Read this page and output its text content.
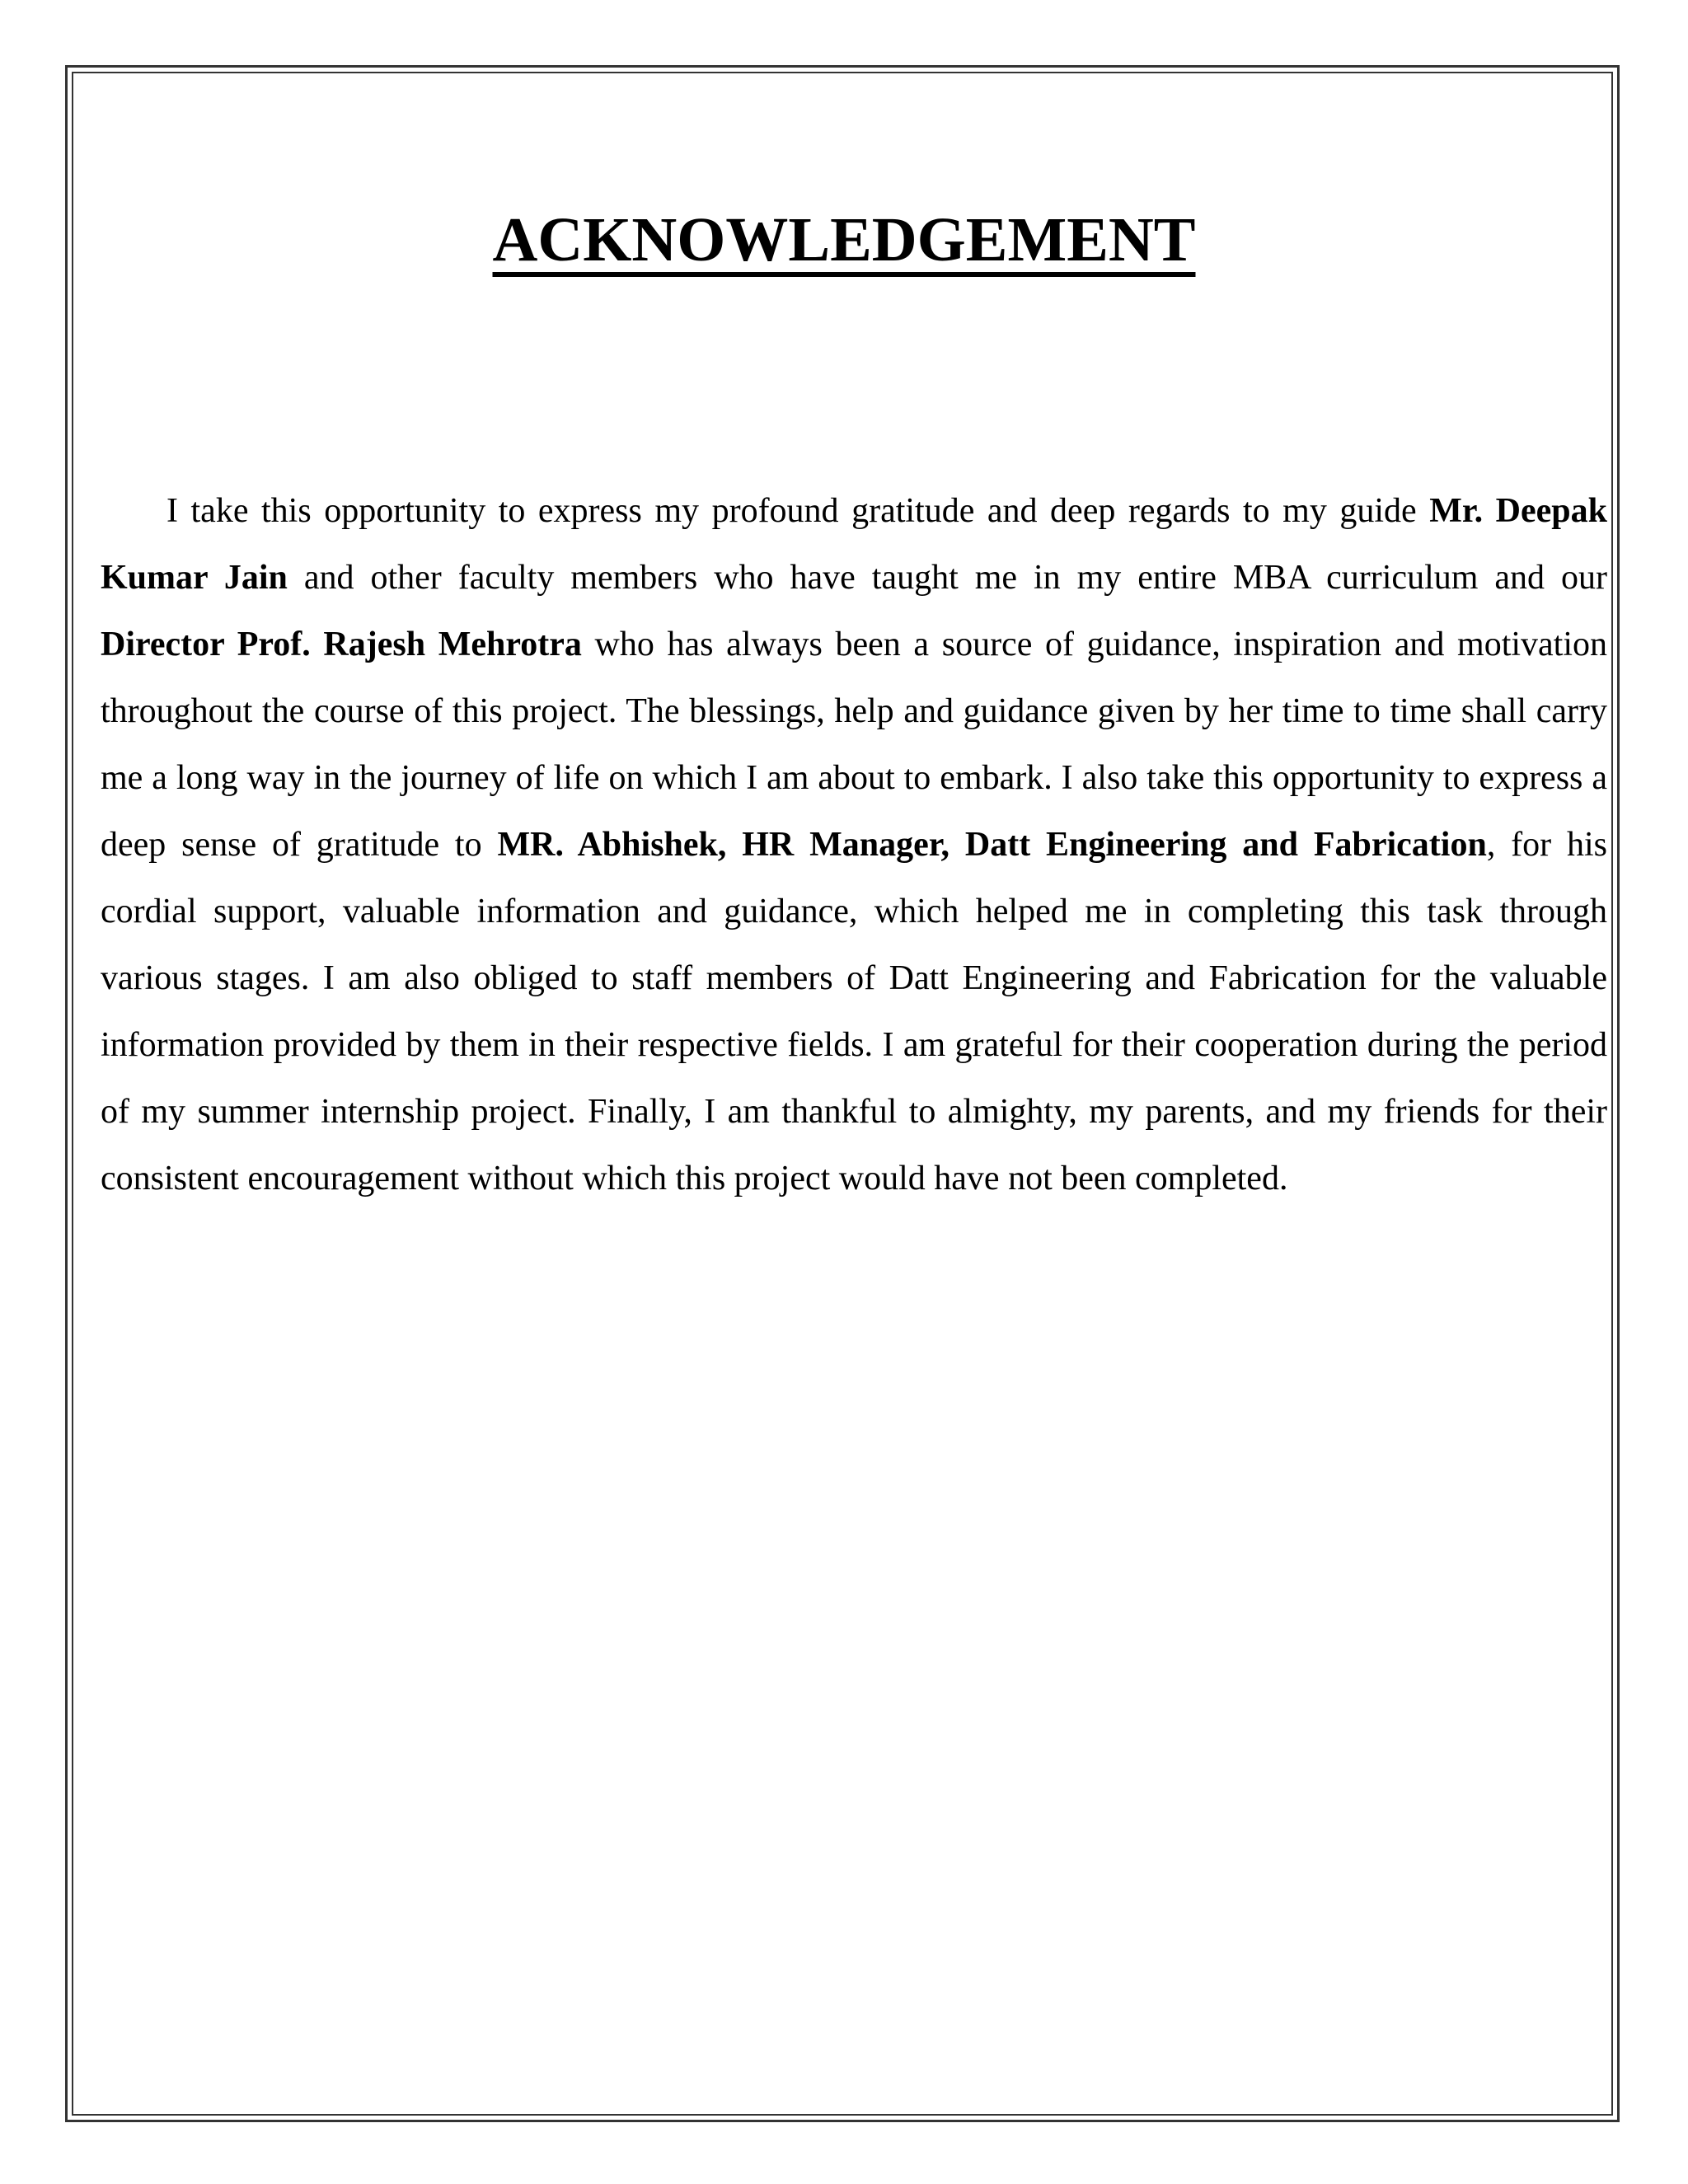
ACKNOWLEDGEMENT

I take this opportunity to express my profound gratitude and deep regards to my guide Mr. Deepak Kumar Jain and other faculty members who have taught me in my entire MBA curriculum and our Director Prof. Rajesh Mehrotra who has always been a source of guidance, inspiration and motivation throughout the course of this project. The blessings, help and guidance given by her time to time shall carry me a long way in the journey of life on which I am about to embark. I also take this opportunity to express a deep sense of gratitude to MR. Abhishek, HR Manager, Datt Engineering and Fabrication, for his cordial support, valuable information and guidance, which helped me in completing this task through various stages. I am also obliged to staff members of Datt Engineering and Fabrication for the valuable information provided by them in their respective fields. I am grateful for their cooperation during the period of my summer internship project. Finally, I am thankful to almighty, my parents, and my friends for their consistent encouragement without which this project would have not been completed.
